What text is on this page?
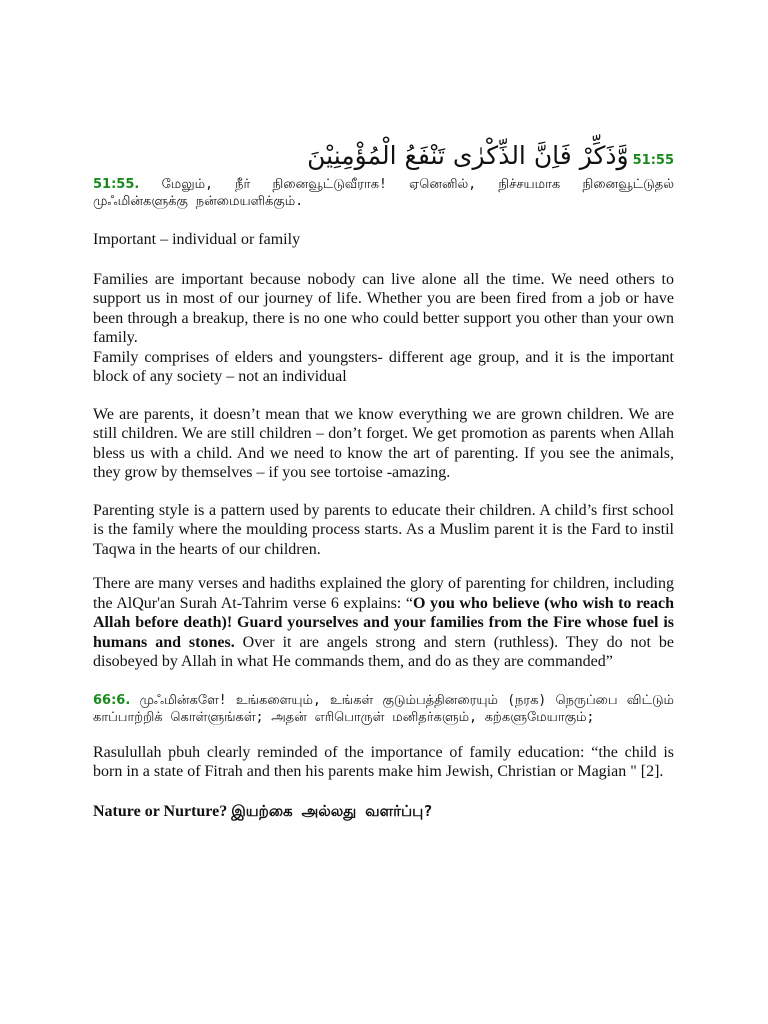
وَّذَكِّرْ فَاِنَّ الذِّكْرٰى تَنْفَعُ الْمُؤْمِنِيْنَ 51:55
51:55. மேலும், நீர் நினைவூட்டுவீராக! ஏனெனில், நிச்சயமாக நினைவூட்டுதல் முஃமின்களுக்கு நன்மையளிக்கும்.

Important – individual or family

Families are important because nobody can live alone all the time. We need others to support us in most of our journey of life. Whether you are been fired from a job or have been through a breakup, there is no one who could better support you other than your own family.

Family comprises of elders and youngsters- different age group, and it is the important block of any society – not an individual

We are parents, it doesn’t mean that we know everything we are grown children. We are still children. We are still children – don’t forget. We get promotion as parents when Allah bless us with a child. And we need to know the art of parenting. If you see the animals, they grow by themselves – if you see tortoise -amazing.

Parenting style is a pattern used by parents to educate their children. A child’s first school is the family where the moulding process starts. As a Muslim parent it is the Fard to instil Taqwa in the hearts of our children.

There are many verses and hadiths explained the glory of parenting for children, including the AlQur'an Surah At-Tahrim verse 6 explains: “O you who believe (who wish to reach Allah before death)! Guard yourselves and your families from the Fire whose fuel is humans and stones. Over it are angels strong and stern (ruthless). They do not be disobeyed by Allah in what He commands them, and do as they are commanded”

66:6. முஃமின்களே! உங்களையும், உங்கள் குடும்பத்தினரையும் (நரக) நெருப்பை விட்டும் காப்பாற்றிக் கொள்ளுங்கள்; அதன் எரிபொருள் மனிதர்களும், கற்களுமேயாகும்;

Rasulullah pbuh clearly reminded of the importance of family education: “the child is born in a state of Fitrah and then his parents make him Jewish, Christian or Magian " [2].

Nature or Nurture? இயற்கை அல்லது வளர்ப்பு?
